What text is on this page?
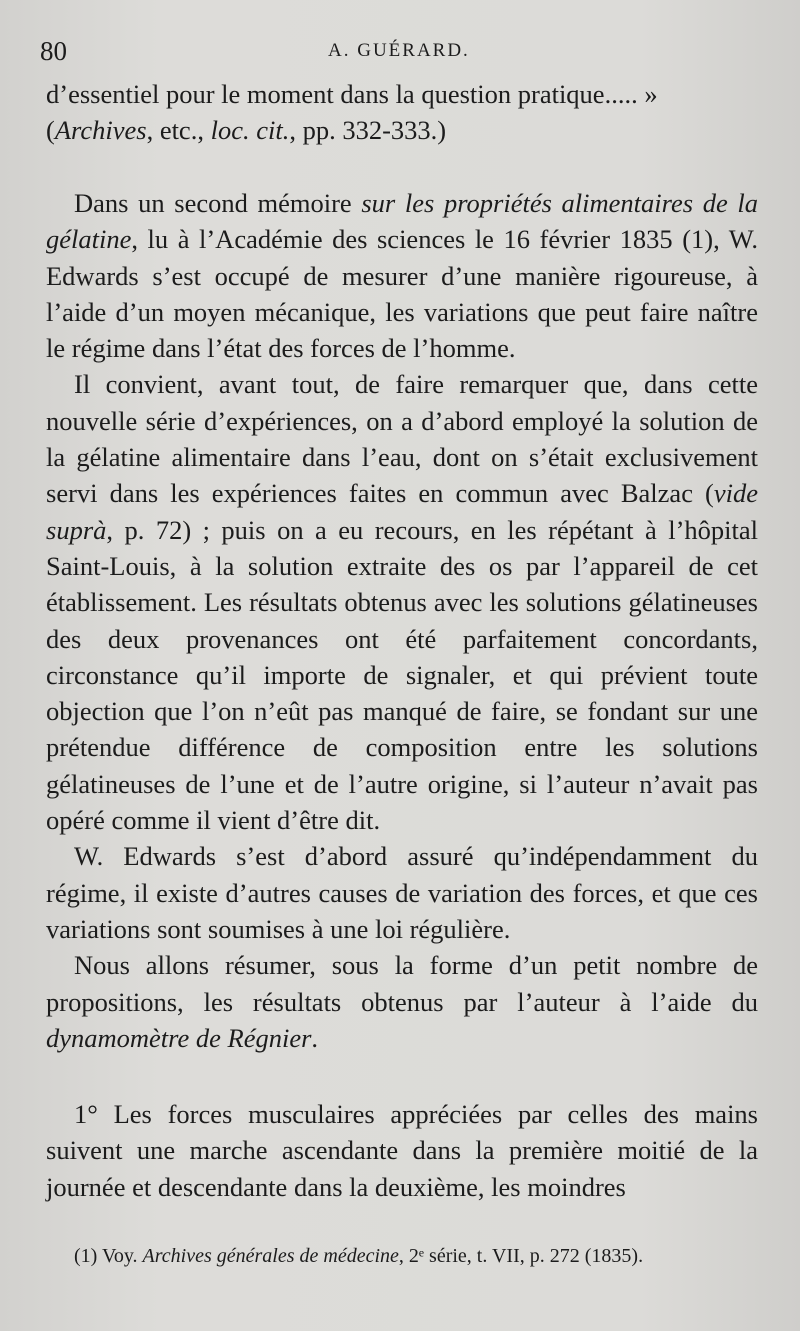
80	A. GUÉRARD.

d’essentiel pour le moment dans la question pratique..... »

(Archives, etc., loc. cit., pp. 332-333.)

Dans un second mémoire sur les propriétés alimentaires de la gélatine, lu à l’Académie des sciences le 16 février 1835 (1), W. Edwards s’est occupé de mesurer d’une manière rigoureuse, à l’aide d’un moyen mécanique, les variations que peut faire naître le régime dans l’état des forces de l’homme.

Il convient, avant tout, de faire remarquer que, dans cette nouvelle série d’expériences, on a d’abord employé la solution de la gélatine alimentaire dans l’eau, dont on s’était exclusivement servi dans les expériences faites en commun avec Balzac (vide suprà, p. 72) ; puis on a eu recours, en les répétant à l’hôpital Saint-Louis, à la solution extraite des os par l’appareil de cet établissement. Les résultats obtenus avec les solutions gélatineuses des deux provenances ont été parfaitement concordants, circonstance qu’il importe de signaler, et qui prévient toute objection que l’on n’eût pas manqué de faire, se fondant sur une prétendue différence de composition entre les solutions gélatineuses de l’une et de l’autre origine, si l’auteur n’avait pas opéré comme il vient d’être dit.

W. Edwards s’est d’abord assuré qu’indépendamment du régime, il existe d’autres causes de variation des forces, et que ces variations sont soumises à une loi régulière.

Nous allons résumer, sous la forme d’un petit nombre de propositions, les résultats obtenus par l’auteur à l’aide du dynamomètre de Régnier.

1° Les forces musculaires appréciées par celles des mains suivent une marche ascendante dans la première moitié de la journée et descendante dans la deuxième, les moindres

(1) Voy. Archives générales de médecine, 2ᵉ série, t. VII, p. 272 (1835).
